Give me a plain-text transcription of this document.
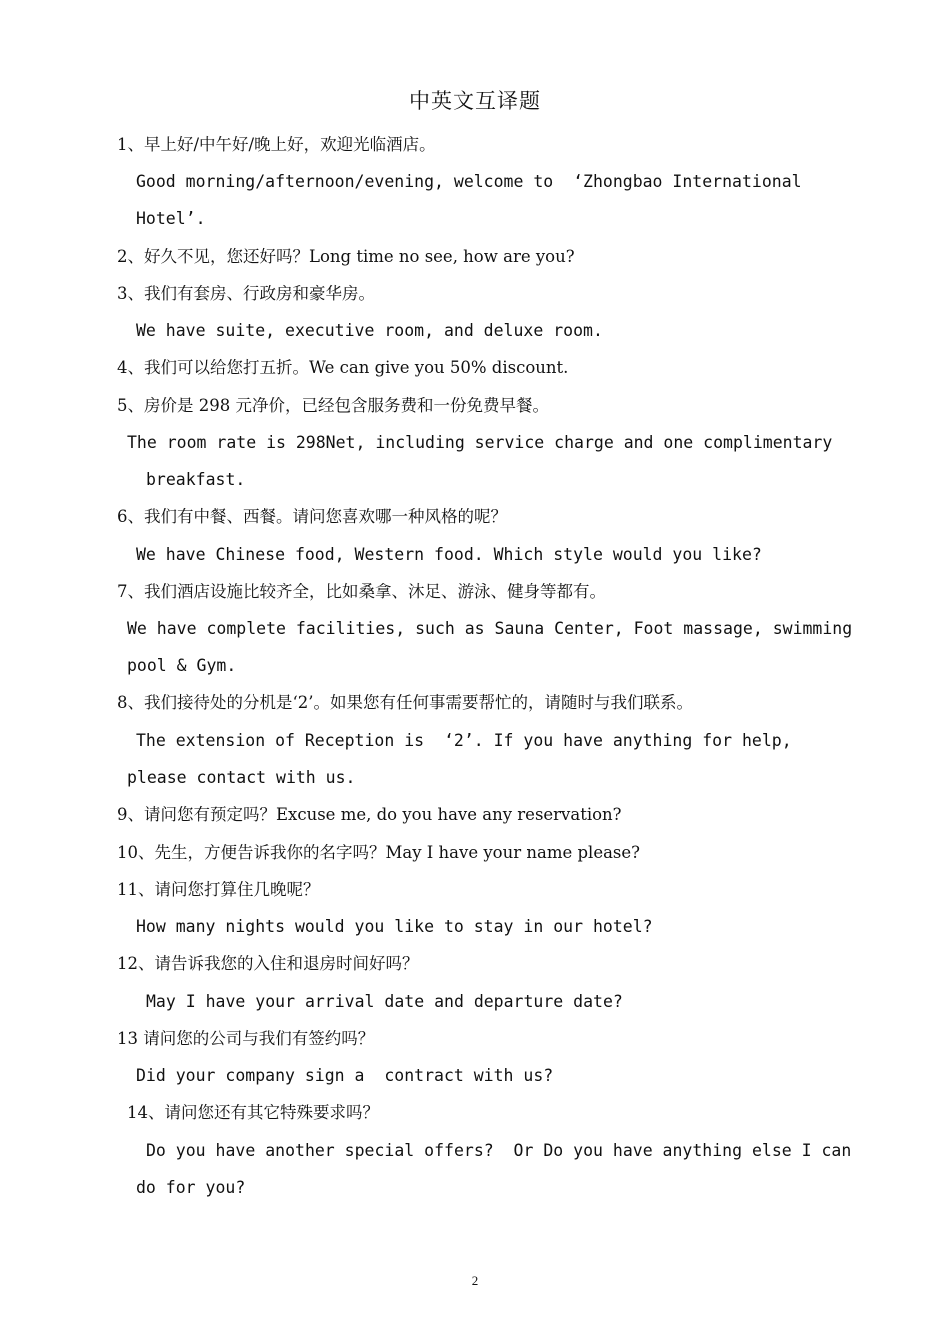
中英文互译题
1、早上好/中午好/晚上好，欢迎光临酒店。
Good morning/afternoon/evening, welcome to  ‘Zhongbao International
Hotel’.
2、好久不见，您还好吗？Long time no see, how are you?
3、我们有套房、行政房和豪华房。
We have suite, executive room, and deluxe room.
4、我们可以给您打五折。We can give you 50% discount.
5、房价是 298 元净价，已经包含服务费和一份免费早餐。
The room rate is 298Net, including service charge and one complimentary
breakfast.
6、我们有中餐、西餐。请问您喜欢哪一种风格的呢？
We have Chinese food, Western food. Which style would you like?
7、我们酒店设施比较齐全，比如桑拿、沐足、游泳、健身等都有。
We have complete facilities, such as Sauna Center, Foot massage, swimming
pool & Gym.
8、我们接待处的分机是‘2’。如果您有任何事需要帮忙的，请随时与我们联系。
The extension of Reception is  ‘2’. If you have anything for help,
please contact with us.
9、请问您有预定吗？Excuse me, do you have any reservation?
10、先生，方便告诉我你的名字吗？May I have your name please?
11、请问您打算住几晚呢？
How many nights would you like to stay in our hotel?
12、请告诉我您的入住和退房时间好吗？
May I have your arrival date and departure date?
13 请问您的公司与我们有签约吗？
Did your company sign a  contract with us?
14、请问您还有其它特殊要求吗？
Do you have another special offers?  Or Do you have anything else I can
do for you?
2
